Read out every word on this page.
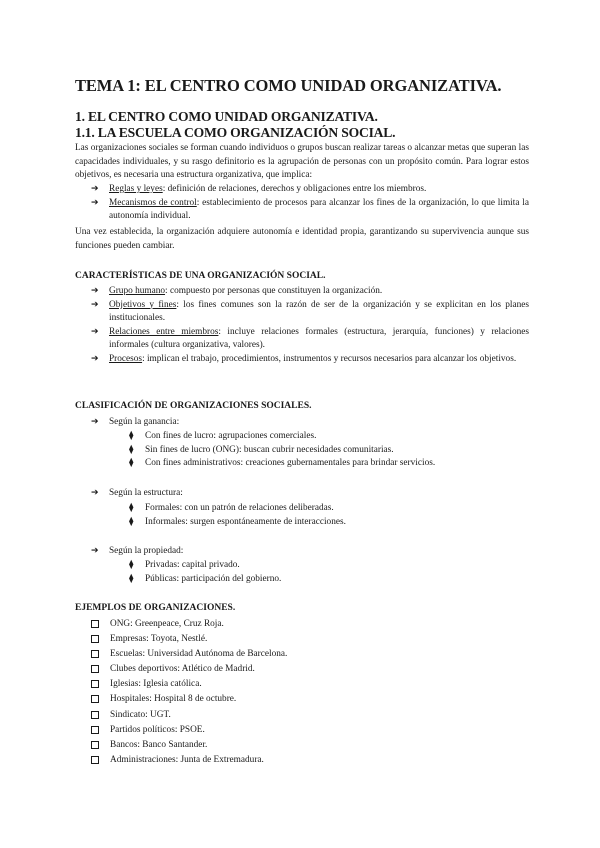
TEMA 1: EL CENTRO COMO UNIDAD ORGANIZATIVA.
1. EL CENTRO COMO UNIDAD ORGANIZATIVA.
1.1. LA ESCUELA COMO ORGANIZACIÓN SOCIAL.

Las organizaciones sociales se forman cuando individuos o grupos buscan realizar tareas o alcanzar metas que superan las capacidades individuales, y su rasgo definitorio es la agrupación de personas con un propósito común. Para lograr estos objetivos, es necesaria una estructura organizativa, que implica:

➔ Reglas y leyes: definición de relaciones, derechos y obligaciones entre los miembros.
➔ Mecanismos de control: establecimiento de procesos para alcanzar los fines de la organización, lo que limita la autonomía individual.

Una vez establecida, la organización adquiere autonomía e identidad propia, garantizando su supervivencia aunque sus funciones pueden cambiar.

CARACTERÍSTICAS DE UNA ORGANIZACIÓN SOCIAL.
➔ Grupo humano: compuesto por personas que constituyen la organización.
➔ Objetivos y fines: los fines comunes son la razón de ser de la organización y se explicitan en los planes institucionales.
➔ Relaciones entre miembros: incluye relaciones formales (estructura, jerarquía, funciones) y relaciones informales (cultura organizativa, valores).
➔ Procesos: implican el trabajo, procedimientos, instrumentos y recursos necesarios para alcanzar los objetivos.
CLASIFICACIÓN DE ORGANIZACIONES SOCIALES.

➔ Según la ganancia:

⧫ Con fines de lucro: agrupaciones comerciales.
⧫ Sin fines de lucro (ONG): buscan cubrir necesidades comunitarias.
⧫ Con fines administrativos: creaciones gubernamentales para brindar servicios.

➔ Según la estructura:

⧫ Formales: con un patrón de relaciones deliberadas.
⧫ Informales: surgen espontáneamente de interacciones.

➔ Según la propiedad:

⧫ Privadas: capital privado.
⧫ Públicas: participación del gobierno.
EJEMPLOS DE ORGANIZACIONES.
ONG: Greenpeace, Cruz Roja.
Empresas: Toyota, Nestlé.
Escuelas: Universidad Autónoma de Barcelona.
Clubes deportivos: Atlético de Madrid.
Iglesias: Iglesia católica.
Hospitales: Hospital 8 de octubre.
Sindicato: UGT.
Partidos políticos: PSOE.
Bancos: Banco Santander.
Administraciones: Junta de Extremadura.
